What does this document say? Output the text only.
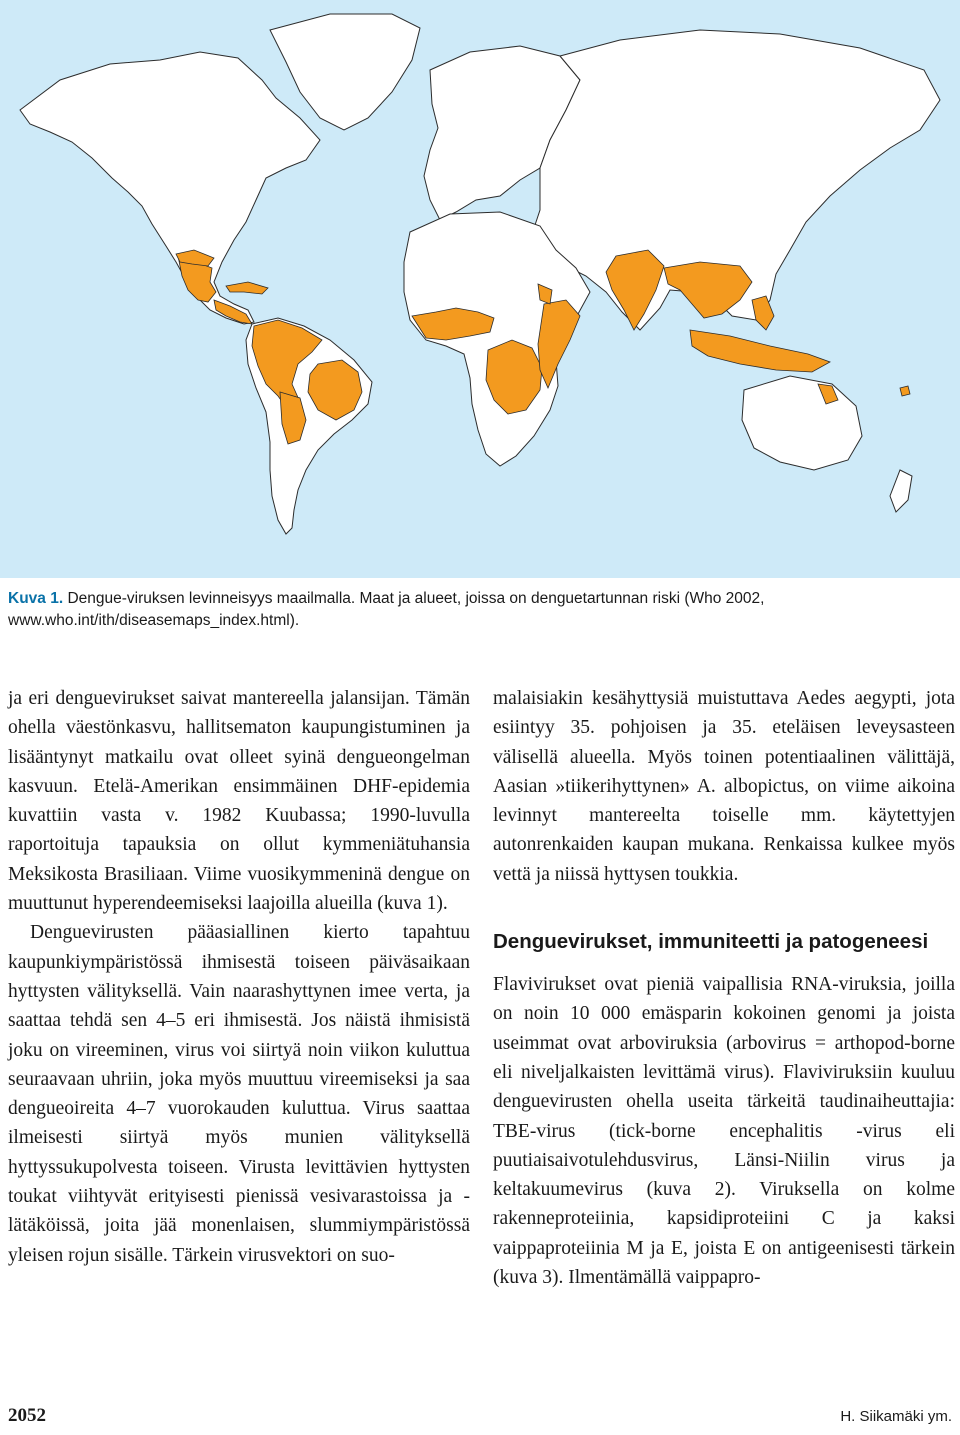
Kuva 1. Dengue-viruksen levinneisyys maailmalla. Maat ja alueet, joissa on denguetartunnan riski (Who 2002, www.who.int/ith/diseasemaps_index.html).

ja eri denguevirukset saivat mantereella jalansijan. Tämän ohella väestönkasvu, hallitsematon kaupungistuminen ja lisääntynyt matkailu ovat olleet syinä dengueongelman kasvuun. Etelä-Amerikan ensimmäinen DHF-epidemia kuvattiin vasta v. 1982 Kuubassa; 1990-luvulla raportoituja tapauksia on ollut kymmeniätuhansia Meksikosta Brasiliaan. Viime vuosikymmeninä dengue on muuttunut hyperendeemiseksi laajoilla alueilla (kuva 1).

Denguevirusten pääasiallinen kierto tapahtuu kaupunkiympäristössä ihmisestä toiseen päiväsaikaan hyttysten välityksellä. Vain naarashyttynen imee verta, ja saattaa tehdä sen 4–5 eri ihmisestä. Jos näistä ihmisistä joku on vireeminen, virus voi siirtyä noin viikon kuluttua seuraavaan uhriin, joka myös muuttuu vireemiseksi ja saa dengueoireita 4–7 vuorokauden kuluttua. Virus saattaa ilmeisesti siirtyä myös munien välityksellä hyttyssukupolvesta toiseen. Virusta levittävien hyttysten toukat viihtyvät erityisesti pienissä vesivarastoissa ja -lätäköissä, joita jää monenlaisen, slummiympäristössä yleisen rojun sisälle. Tärkein virusvektori on suo-

malaisiakin kesähyttysiä muistuttava Aedes aegypti, jota esiintyy 35. pohjoisen ja 35. eteläisen leveysasteen välisellä alueella. Myös toinen potentiaalinen välittäjä, Aasian »tiikerihyttynen» A. albopictus, on viime aikoina levinnyt mantereelta toiselle mm. käytettyjen autonrenkaiden kaupan mukana. Renkaissa kulkee myös vettä ja niissä hyttysen toukkia.

Denguevirukset, immuniteetti ja patogeneesi

Flavivirukset ovat pieniä vaipallisia RNA-viruksia, joilla on noin 10 000 emäsparin kokoinen genomi ja joista useimmat ovat arboviruksia (arbovirus = arthopod-borne eli niveljalkaisten levittämä virus). Flaviviruksiin kuuluu denguevirusten ohella useita tärkeitä taudinaiheuttajia: TBE-virus (tick-borne encephalitis -virus eli puutiaisaivotulehdusvirus, Länsi-Niilin virus ja keltakuumevirus (kuva 2). Viruksella on kolme rakenneproteiinia, kapsidiproteiini C ja kaksi vaippaproteiinia M ja E, joista E on antigeenisesti tärkein (kuva 3). Ilmentämällä vaippapro-

2052	H. Siikamäki ym.
